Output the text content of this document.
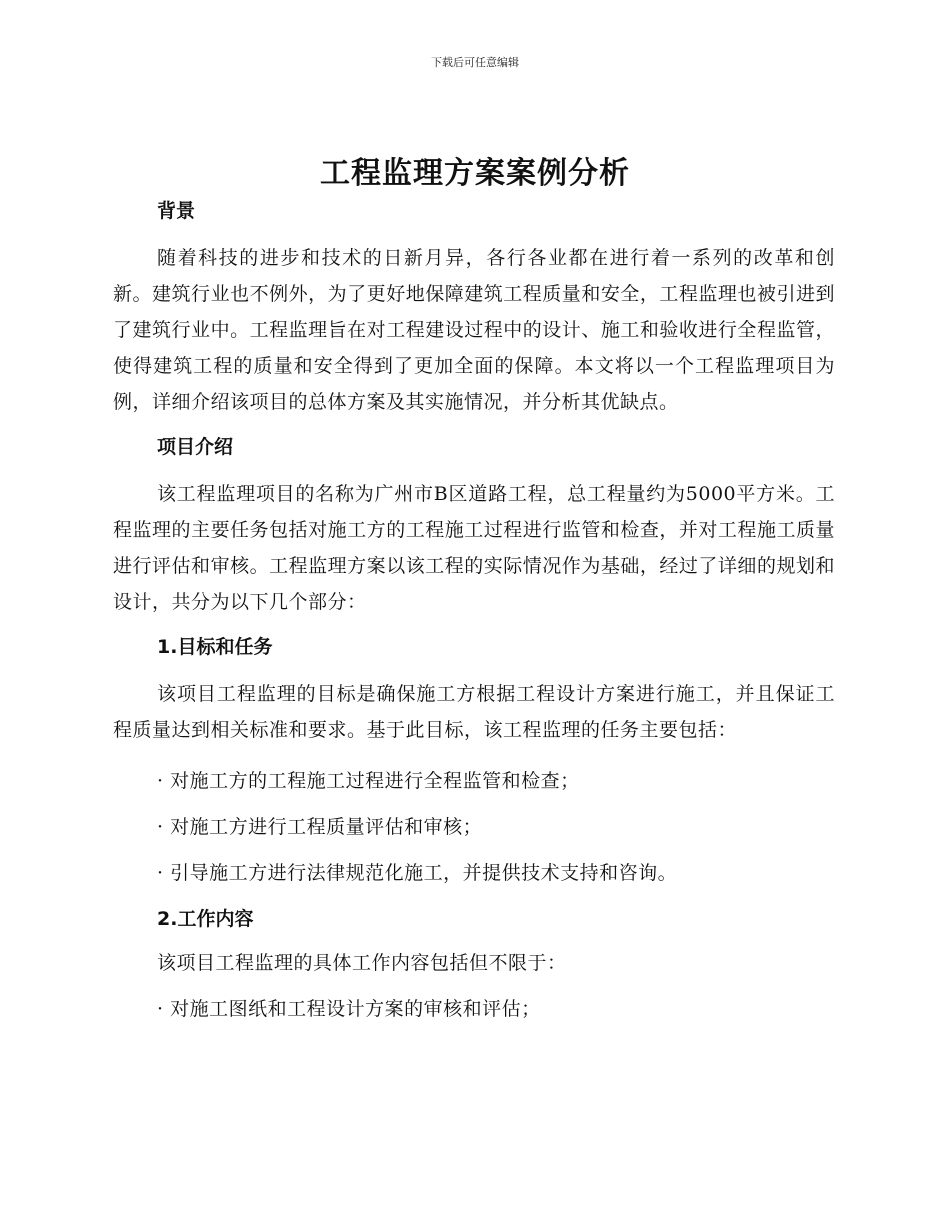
下载后可任意编辑
工程监理方案案例分析
背景
随着科技的进步和技术的日新月异，各行各业都在进行着一系列的改革和创新。建筑行业也不例外，为了更好地保障建筑工程质量和安全，工程监理也被引进到了建筑行业中。工程监理旨在对工程建设过程中的设计、施工和验收进行全程监管，使得建筑工程的质量和安全得到了更加全面的保障。本文将以一个工程监理项目为例，详细介绍该项目的总体方案及其实施情况，并分析其优缺点。
项目介绍
该工程监理项目的名称为广州市B区道路工程，总工程量约为5000平方米。工程监理的主要任务包括对施工方的工程施工过程进行监管和检查，并对工程施工质量进行评估和审核。工程监理方案以该工程的实际情况作为基础，经过了详细的规划和设计，共分为以下几个部分：
1.目标和任务
该项目工程监理的目标是确保施工方根据工程设计方案进行施工，并且保证工程质量达到相关标准和要求。基于此目标，该工程监理的任务主要包括：
· 对施工方的工程施工过程进行全程监管和检查；
· 对施工方进行工程质量评估和审核；
· 引导施工方进行法律规范化施工，并提供技术支持和咨询。
2.工作内容
该项目工程监理的具体工作内容包括但不限于：
· 对施工图纸和工程设计方案的审核和评估；
